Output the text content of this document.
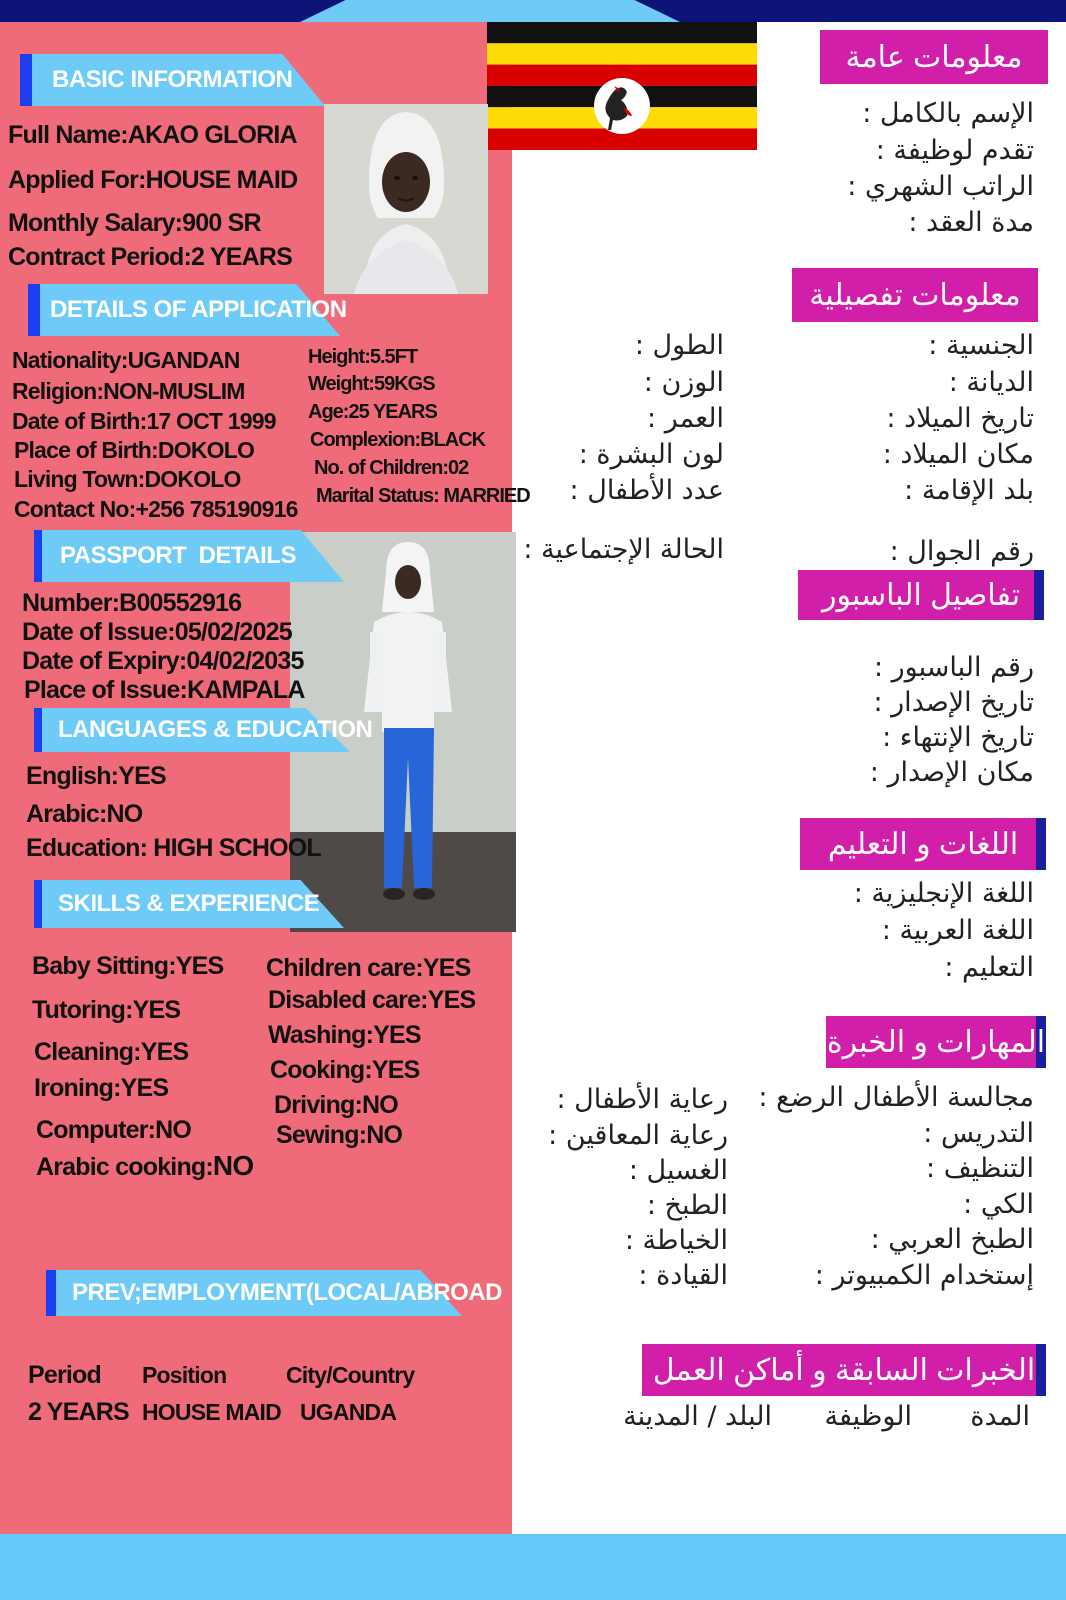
BASIC INFORMATION
Full Name:AKAO GLORIA
Applied For:HOUSE MAID
Monthly Salary:900 SR
Contract Period:2 YEARS
DETAILS OF APPLICATION
Nationality:UGANDAN
Religion:NON-MUSLIM
Date of Birth:17 OCT 1999
Place of Birth:DOKOLO
Living Town:DOKOLO
Contact No:+256 785190916
Height:5.5FT
Weight:59KGS
Age:25 YEARS
Complexion:BLACK
No. of Children:02
Marital Status: MARRIED
PASSPORT  DETAILS
Number:B00552916
Date of Issue:05/02/2025
Date of Expiry:04/02/2035
Place of Issue:KAMPALA
LANGUAGES & EDUCATION
English:YES
Arabic:NO
Education: HIGH SCHOOL
SKILLS & EXPERIENCE
Baby Sitting:YES
Tutoring:YES
Cleaning:YES
Ironing:YES
Computer:NO
Arabic cooking:NO
Children care:YES
Disabled care:YES
Washing:YES
Cooking:YES
Driving:NO
Sewing:NO
PREV;EMPLOYMENT(LOCAL/ABROAD
Period Position	City/Country
2 YEARS HOUSE MAID UGANDA
معلومات عامة
الإسم بالكامل :
تقدم لوظيفة :
الراتب الشهري :
مدة العقد :
معلومات تفصيلية
الجنسية :
الديانة :
تاريخ الميلاد :
مكان الميلاد :
بلد الإقامة :
رقم الجوال :
الطول :
الوزن :
العمر :
لون البشرة :
عدد الأطفال :
الحالة الإجتماعية :
تفاصيل الباسبور
رقم الباسبور :
تاريخ الإصدار :
تاريخ الإنتهاء :
مكان الإصدار :
اللغات و التعليم
اللغة الإنجليزية :
اللغة العربية :
التعليم :
المهارات و الخبرة
مجالسة الأطفال الرضع :
التدريس :
التنظيف :
الكي :
الطبخ العربي :
إستخدام الكمبيوتر :
رعاية الأطفال :
رعاية المعاقين :
الغسيل :
الطبخ :
الخياطة :
القيادة :
الخبرات السابقة و أماكن العمل
المدة
الوظيفة
البلد / المدينة
